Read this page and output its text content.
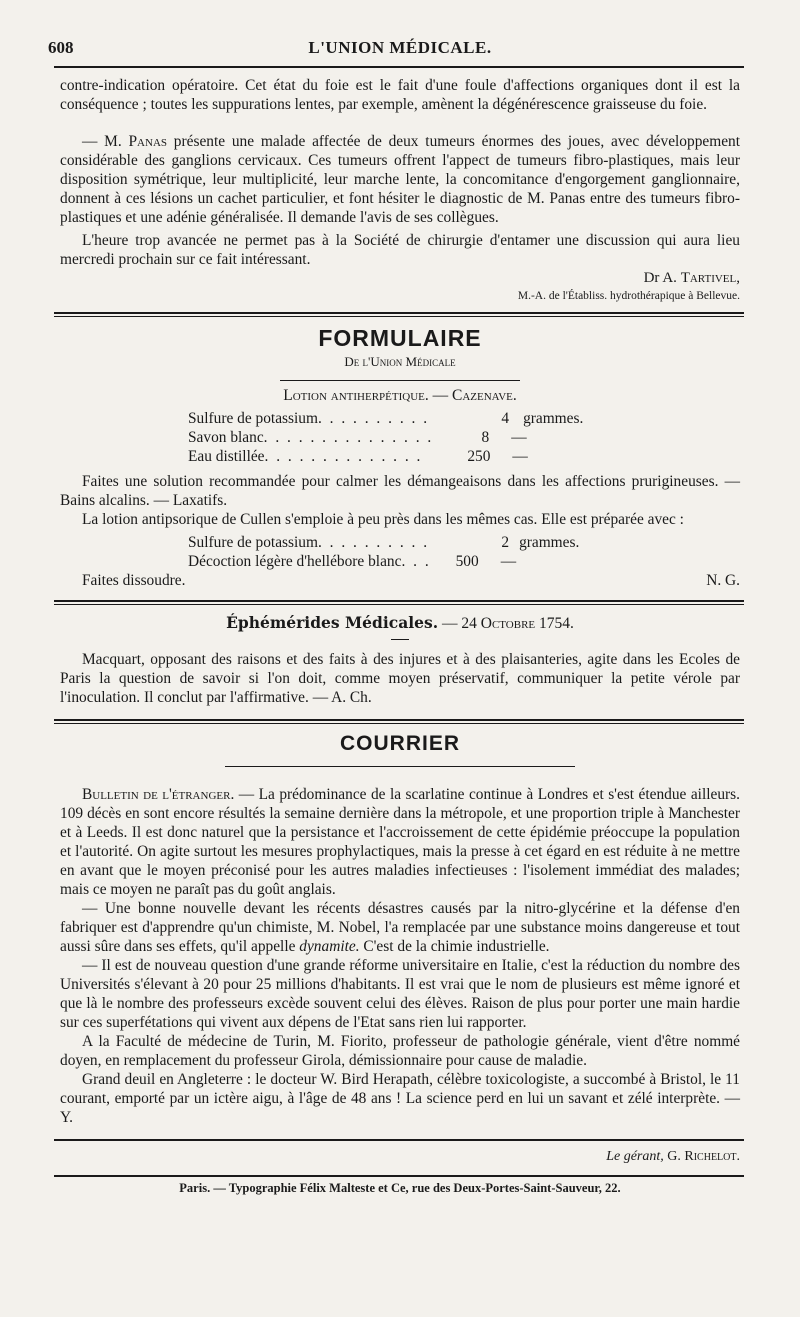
608	L'UNION MÉDICALE.

contre-indication opératoire. Cet état du foie est le fait d'une foule d'affections organiques dont il est la conséquence ; toutes les suppurations lentes, par exemple, amènent la dégénérescence graisseuse du foie.

— M. Panas présente une malade affectée de deux tumeurs énormes des joues, avec développement considérable des ganglions cervicaux. Ces tumeurs offrent l'appect de tumeurs fibro-plastiques, mais leur disposition symétrique, leur multiplicité, leur marche lente, la concomitance d'engorgement ganglionnaire, donnent à ces lésions un cachet particulier, et font hésiter le diagnostic de M. Panas entre des tumeurs fibro-plastiques et une adénie généralisée. Il demande l'avis de ses collègues.

L'heure trop avancée ne permet pas à la Société de chirurgie d'entamer une discussion qui aura lieu mercredi prochain sur ce fait intéressant.

Dr A. Tartivel,
M.-A. de l'Établiss. hydrothérapique à Bellevue.
FORMULAIRE
De l'Union Médicale
Lotion antiherpétique. — Cazenave.
Sulfure de potassium . . . . . . . . . .	4 grammes.
Savon blanc . . . . . . . . . . . . . . .	8 —
Eau distillée . . . . . . . . . . . . . .	250 —

Faites une solution recommandée pour calmer les démangeaisons dans les affections prurigineuses. — Bains alcalins. — Laxatifs.

La lotion antipsorique de Cullen s'emploie à peu près dans les mêmes cas. Elle est préparée avec :

Sulfure de potassium . . . . . . . . . .	2 grammes.
Décoction légère d'hellébore blanc . . .	500 —
Faites dissoudre.	N. G.
Éphémérides Médicales. — 24 Octobre 1754.

Macquart, opposant des raisons et des faits à des injures et à des plaisanteries, agite dans les Ecoles de Paris la question de savoir si l'on doit, comme moyen préservatif, communiquer la petite vérole par l'inoculation. Il conclut par l'affirmative. — A. Ch.

COURRIER

Bulletin de l'étranger. — La prédominance de la scarlatine continue à Londres et s'est étendue ailleurs. 109 décès en sont encore résultés la semaine dernière dans la métropole, et une proportion triple à Manchester et à Leeds. Il est donc naturel que la persistance et l'accroissement de cette épidémie préoccupe la population et l'autorité. On agite surtout les mesures prophylactiques, mais la presse à cet égard en est réduite à ne mettre en avant que le moyen préconisé pour les autres maladies infectieuses : l'isolement immédiat des malades; mais ce moyen ne paraît pas du goût anglais.

— Une bonne nouvelle devant les récents désastres causés par la nitro-glycérine et la défense d'en fabriquer est d'apprendre qu'un chimiste, M. Nobel, l'a remplacée par une substance moins dangereuse et tout aussi sûre dans ses effets, qu'il appelle dynamite. C'est de la chimie industrielle.

— Il est de nouveau question d'une grande réforme universitaire en Italie, c'est la réduction du nombre des Universités s'élevant à 20 pour 25 millions d'habitants. Il est vrai que le nom de plusieurs est même ignoré et que là le nombre des professeurs excède souvent celui des élèves. Raison de plus pour porter une main hardie sur ces superfétations qui vivent aux dépens de l'Etat sans rien lui rapporter.

A la Faculté de médecine de Turin, M. Fiorito, professeur de pathologie générale, vient d'être nommé doyen, en remplacement du professeur Girola, démissionnaire pour cause de maladie.

Grand deuil en Angleterre : le docteur W. Bird Herapath, célèbre toxicologiste, a succombé à Bristol, le 11 courant, emporté par un ictère aigu, à l'âge de 48 ans ! La science perd en lui un savant et zélé interprète. — Y.

Le gérant, G. Richelot.
Paris. — Typographie Félix Malteste et Ce, rue des Deux-Portes-Saint-Sauveur, 22.
